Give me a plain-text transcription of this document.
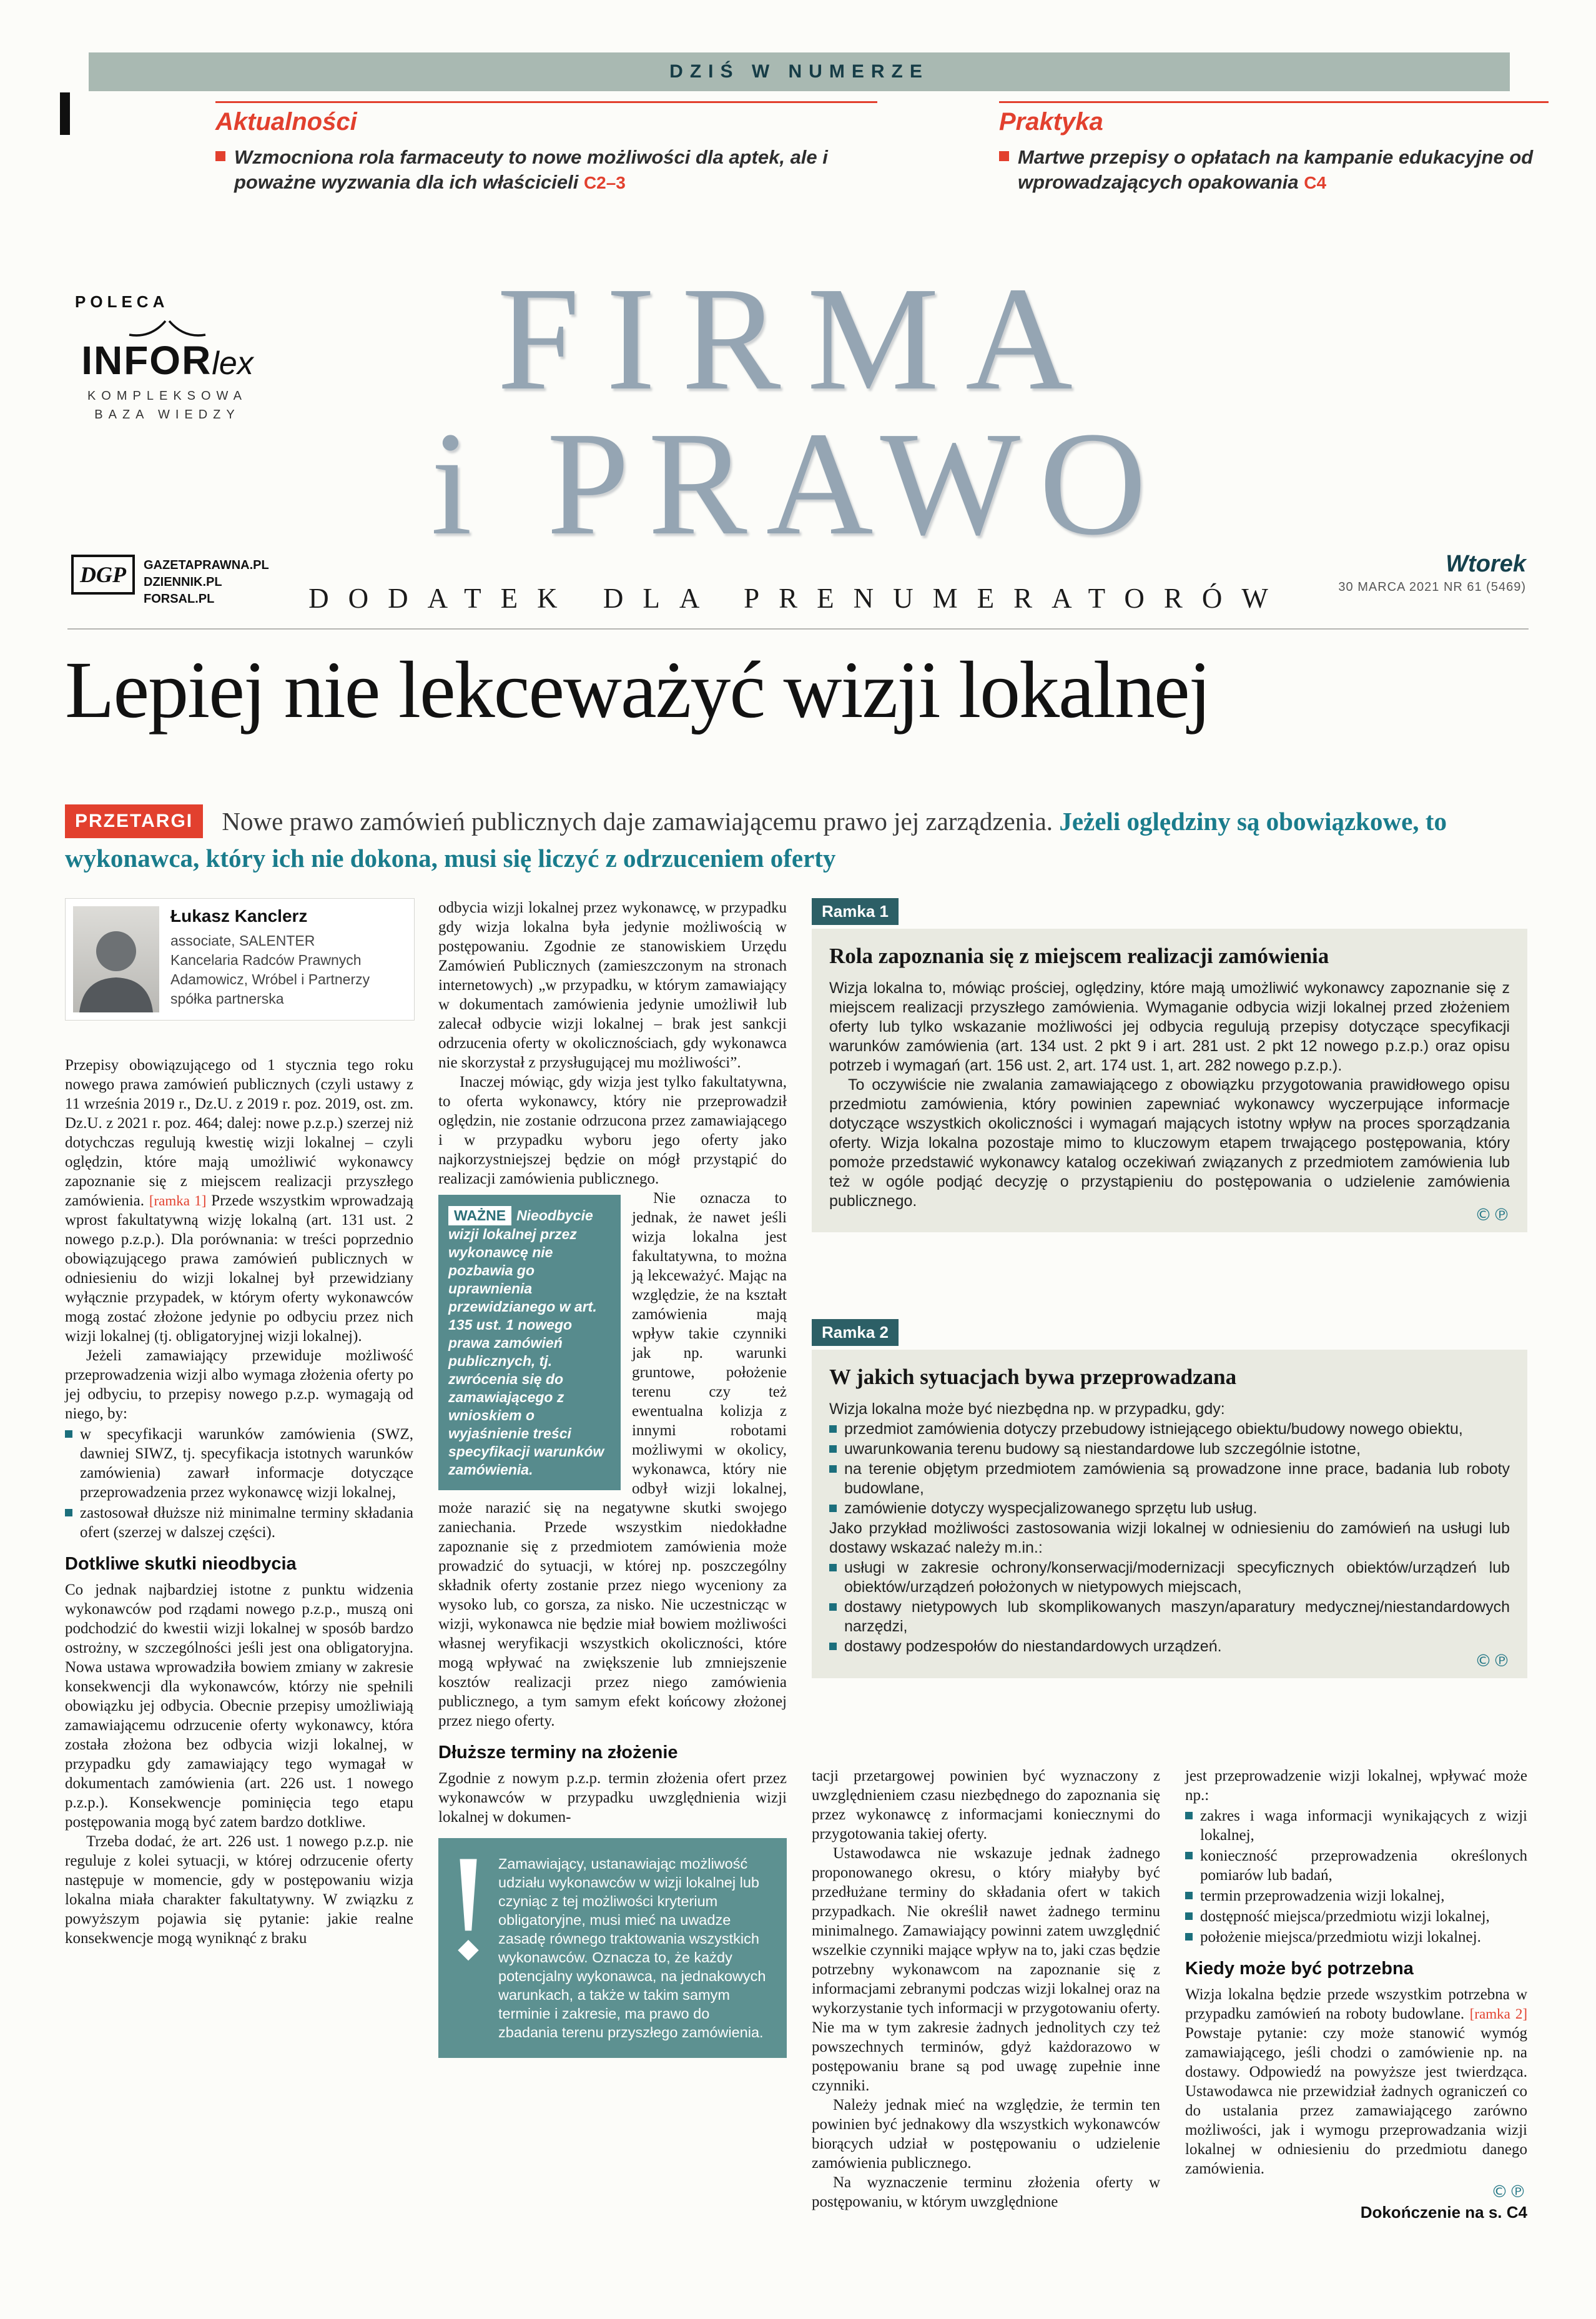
DZIŚ W NUMERZE
Aktualności
Wzmocniona rola farmaceuty to nowe możliwości dla aptek, ale i poważne wyzwania dla ich właścicieli C2–3
Praktyka
Martwe przepisy o opłatach na kampanie edukacyjne od wprowadzających opakowania C4
POLECA
INFORlex
KOMPLEKSOWA
BAZA WIEDZY	FIRMA
i PRAWO
DODATEK DLA PRENUMERATORÓW
DGP	GAZETAPRAWNA.PL
DZIENNIK.PL
FORSAL.PL
Wtorek
30 MARCA 2021 NR 61 (5469)
Lepiej nie lekceważyć wizji lokalnej
PRZETARGI Nowe prawo zamówień publicznych daje zamawiającemu prawo jej zarządzenia. Jeżeli oględziny są obowiązkowe, to wykonawca, który ich nie dokona, musi się liczyć z odrzuceniem oferty
Łukasz Kanclerz
associate, SALENTER
Kancelaria Radców Prawnych
Adamowicz, Wróbel i Partnerzy
spółka partnerska

Przepisy obowiązującego od 1 stycznia tego roku nowego prawa zamówień publicznych (czyli ustawy z 11 września 2019 r., Dz.U. z 2019 r. poz. 2019, ost. zm. Dz.U. z 2021 r. poz. 464; dalej: nowe p.z.p.) szerzej niż dotychczas regulują kwestię wizji lokalnej – czyli oględzin, które mają umożliwić wykonawcy zapoznanie się z miejscem realizacji przyszłego zamówienia. [ramka 1] Przede wszystkim wprowadzają wprost fakultatywną wizję lokalną (art. 131 ust. 2 nowego p.z.p.). Dla porównania: w treści poprzednio obowiązującego prawa zamówień publicznych w odniesieniu do wizji lokalnej był przewidziany wyłącznie przypadek, w którym oferty wykonawców mogą zostać złożone jedynie po odbyciu przez nich wizji lokalnej (tj. obligatoryjnej wizji lokalnej).

Jeżeli zamawiający przewiduje możliwość przeprowadzenia wizji albo wymaga złożenia oferty po jej odbyciu, to przepisy nowego p.z.p. wymagają od niego, by:

w specyfikacji warunków zamówienia (SWZ, dawniej SIWZ, tj. specyfikacja istotnych warunków zamówienia) zawarł informacje dotyczące przeprowadzenia przez wykonawcę wizji lokalnej,

zastosował dłuższe niż minimalne terminy składania ofert (szerzej w dalszej części).

Dotkliwe skutki nieodbycia

Co jednak najbardziej istotne z punktu widzenia wykonawców pod rządami nowego p.z.p., muszą oni podchodzić do kwestii wizji lokalnej w sposób bardzo ostrożny, w szczególności jeśli jest ona obligatoryjna. Nowa ustawa wprowadziła bowiem zmiany w zakresie konsekwencji dla wykonawców, którzy nie spełnili obowiązku jej odbycia. Obecnie przepisy umożliwiają zamawiającemu odrzucenie oferty wykonawcy, która została złożona bez odbycia wizji lokalnej, w przypadku gdy zamawiający tego wymagał w dokumentach zamówienia (art. 226 ust. 1 nowego p.z.p.). Konsekwencje pominięcia tego etapu postępowania mogą być zatem bardzo dotkliwe.

Trzeba dodać, że art. 226 ust. 1 nowego p.z.p. nie reguluje z kolei sytuacji, w której odrzucenie oferty następuje w momencie, gdy w postępowaniu wizja lokalna miała charakter fakultatywny. W związku z powyższym pojawia się pytanie: jakie realne konsekwencje mogą wyniknąć z braku

odbycia wizji lokalnej przez wykonawcę, w przypadku gdy wizja lokalna była jedynie możliwością w postępowaniu. Zgodnie ze stanowiskiem Urzędu Zamówień Publicznych (zamieszczonym na stronach internetowych) „w przypadku, w którym zamawiający w dokumentach zamówienia jedynie umożliwił lub zalecał odbycie wizji lokalnej – brak jest sankcji odrzucenia oferty w okolicznościach, gdy wykonawca nie skorzystał z przysługującej mu możliwości”.

Inaczej mówiąc, gdy wizja jest tylko fakultatywna, to oferta wykonawcy, który nie przeprowadził oględzin, nie zostanie odrzucona przez zamawiającego i w przypadku wyboru jego oferty jako najkorzystniejszej będzie on mógł przystąpić do realizacji zamówienia publicznego.

WAŻNE Nieodbycie wizji lokalnej przez wykonawcę nie pozbawia go uprawnienia przewidzianego w art. 135 ust. 1 nowego prawa zamówień publicznych, tj. zwrócenia się do zamawiającego z wnioskiem o wyjaśnienie treści specyfikacji warunków zamówienia.

Nie oznacza to jednak, że nawet jeśli wizja lokalna jest fakultatywna, to można ją lekceważyć. Mając na względzie, że na kształt zamówienia mają wpływ takie czynniki jak np. warunki gruntowe, położenie terenu czy też ewentualna kolizja z innymi robotami możliwymi w okolicy, wykonawca, który nie odbył wizji lokalnej, może narazić się na negatywne skutki swojego zaniechania. Przede wszystkim niedokładne zapoznanie się z przedmiotem zamówienia może prowadzić do sytuacji, w której np. poszczególny składnik oferty zostanie przez niego wyceniony za wysoko lub, co gorsza, za nisko. Nie uczestnicząc w wizji, wykonawca nie będzie miał bowiem możliwości własnej weryfikacji wszystkich okoliczności, które mogą wpływać na zwiększenie lub zmniejszenie kosztów realizacji przez niego zamówienia publicznego, a tym samym efekt końcowy złożonej przez niego oferty.

Dłuższe terminy na złożenie

Zgodnie z nowym p.z.p. termin złożenia ofert przez wykonawców w przypadku uwzględnienia wizji lokalnej w dokumen-

Zamawiający, ustanawiając możliwość udziału wykonawców w wizji lokalnej lub czyniąc z tej możliwości kryterium obligatoryjne, musi mieć na uwadze zasadę równego traktowania wszystkich wykonawców. Oznacza to, że każdy potencjalny wykonawca, na jednakowych warunkach, a także w takim samym terminie i zakresie, ma prawo do zbadania terenu przyszłego zamówienia.
Ramka 1
Rola zapoznania się z miejscem realizacji zamówienia

Wizja lokalna to, mówiąc prościej, oględziny, które mają umożliwić wykonawcy zapoznanie się z miejscem realizacji przyszłego zamówienia. Wymaganie odbycia wizji lokalnej przed złożeniem oferty lub tylko wskazanie możliwości jej odbycia regulują przepisy dotyczące specyfikacji warunków zamówienia (art. 134 ust. 2 pkt 9 i art. 281 ust. 2 pkt 12 nowego p.z.p.) oraz opisu potrzeb i wymagań (art. 156 ust. 2, art. 174 ust. 1, art. 282 nowego p.z.p.).

To oczywiście nie zwalania zamawiającego z obowiązku przygotowania prawidłowego opisu przedmiotu zamówienia, który powinien zapewniać wykonawcy wyczerpujące informacje dotyczące wszystkich okoliczności i wymagań mających istotny wpływ na proces sporządzania oferty. Wizja lokalna pozostaje mimo to kluczowym etapem trwającego postępowania, który pomoże przedstawić wykonawcy katalog oczekiwań związanych z przedmiotem zamówienia lub też w ogóle podjąć decyzję o przystąpieniu do postępowania o udzielenie zamówienia publicznego.

©℗
Ramka 2
W jakich sytuacjach bywa przeprowadzana

Wizja lokalna może być niezbędna np. w przypadku, gdy:

przedmiot zamówienia dotyczy przebudowy istniejącego obiektu/budowy nowego obiektu,

uwarunkowania terenu budowy są niestandardowe lub szczególnie istotne,

na terenie objętym przedmiotem zamówienia są prowadzone inne prace, badania lub roboty budowlane,

zamówienie dotyczy wyspecjalizowanego sprzętu lub usług.

Jako przykład możliwości zastosowania wizji lokalnej w odniesieniu do zamówień na usługi lub dostawy wskazać należy m.in.:

usługi w zakresie ochrony/konserwacji/modernizacji specyficznych obiektów/urządzeń lub obiektów/urządzeń położonych w nietypowych miejscach,

dostawy nietypowych lub skomplikowanych maszyn/aparatury medycznej/niestandardowych narzędzi,

dostawy podzespołów do niestandardowych urządzeń.

©℗

tacji przetargowej powinien być wyznaczony z uwzględnieniem czasu niezbędnego do zapoznania się przez wykonawcę z informacjami koniecznymi do przygotowania takiej oferty.

Ustawodawca nie wskazuje jednak żadnego proponowanego okresu, o który miałyby być przedłużane terminy do składania ofert w takich przypadkach. Nie określił nawet żadnego terminu minimalnego. Zamawiający powinni zatem uwzględnić wszelkie czynniki mające wpływ na to, jaki czas będzie potrzebny wykonawcom na zapoznanie się z informacjami zebranymi podczas wizji lokalnej oraz na wykorzystanie tych informacji w przygotowaniu oferty. Nie ma w tym zakresie żadnych jednolitych czy też powszechnych terminów, gdyż każdorazowo w postępowaniu brane są pod uwagę zupełnie inne czynniki.

Należy jednak mieć na względzie, że termin ten powinien być jednakowy dla wszystkich wykonawców biorących udział w postępowaniu o udzielenie zamówienia publicznego.

Na wyznaczenie terminu złożenia oferty w postępowaniu, w którym uwzględnione

jest przeprowadzenie wizji lokalnej, wpływać może np.:

zakres i waga informacji wynikających z wizji lokalnej,

konieczność przeprowadzenia określonych pomiarów lub badań,

termin przeprowadzenia wizji lokalnej,

dostępność miejsca/przedmiotu wizji lokalnej,

położenie miejsca/przedmiotu wizji lokalnej.

Kiedy może być potrzebna

Wizja lokalna będzie przede wszystkim potrzebna w przypadku zamówień na roboty budowlane. [ramka 2] Powstaje pytanie: czy może stanowić wymóg zamawiającego, jeśli chodzi o zamówienie np. na dostawy. Odpowiedź na powyższe jest twierdząca. Ustawodawca nie przewidział żadnych ograniczeń co do ustalania przez zamawiającego zarówno możliwości, jak i wymogu przeprowadzania wizji lokalnej w odniesieniu do przedmiotu danego zamówienia.

©℗
Dokończenie na s. C4
